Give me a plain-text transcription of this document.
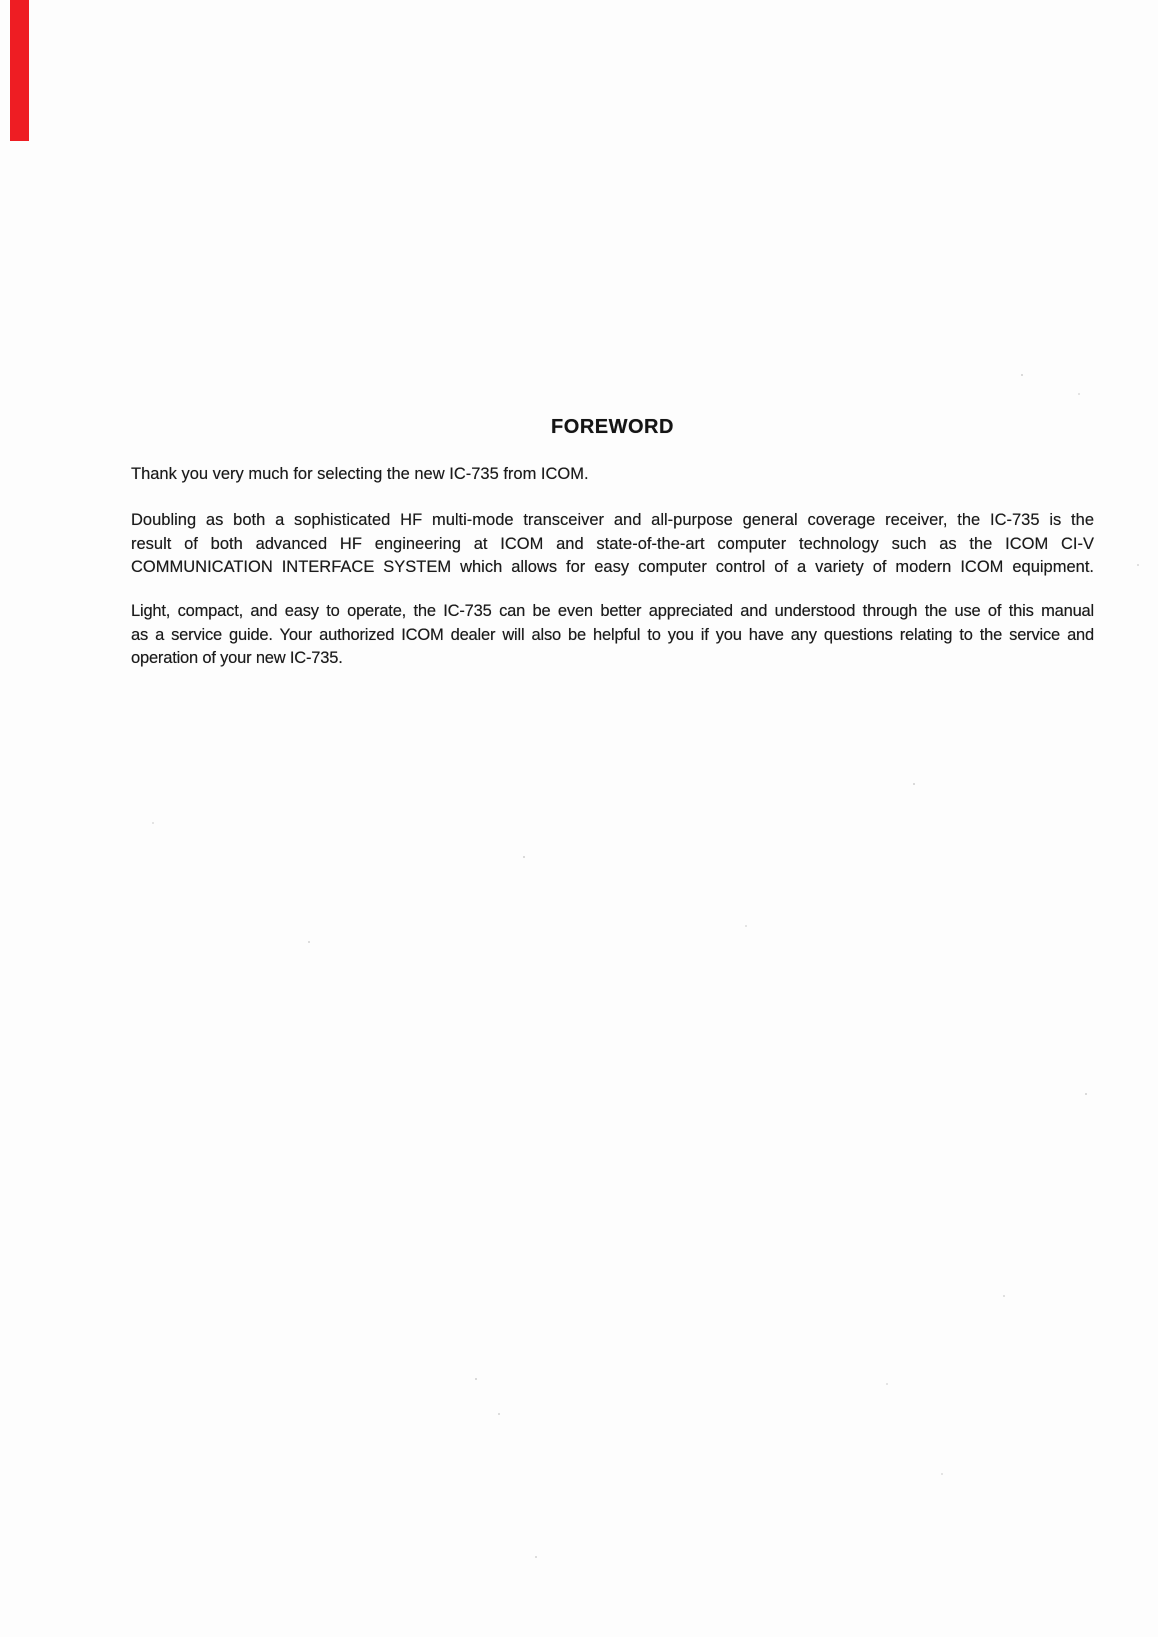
FOREWORD
Thank you very much for selecting the new IC-735 from ICOM.
Doubling as both a sophisticated HF multi-mode transceiver and all-purpose general coverage receiver, the IC-735 is the
result of both advanced HF engineering at ICOM and state-of-the-art computer technology such as the ICOM CI-V
COMMUNICATION INTERFACE SYSTEM which allows for easy computer control of a variety of modern ICOM equipment.
Light, compact, and easy to operate, the IC-735 can be even better appreciated and understood through the use of this manual
as a service guide. Your authorized ICOM dealer will also be helpful to you if you have any questions relating to the service and
operation of your new IC-735.
